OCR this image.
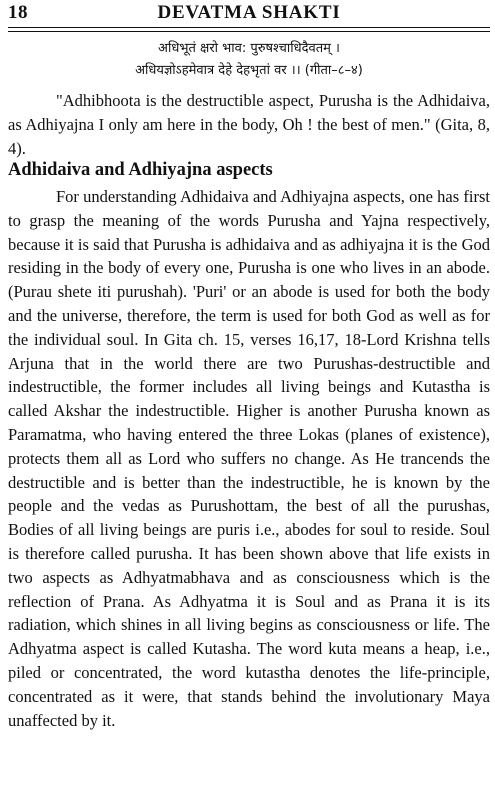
18	DEVATMA SHAKTI
अधिभूतं क्षरो भाव: पुरुषश्चाधिदैवतम् ।
अधियज्ञोऽहमेवात्र देहे देहभृतां वर ।। (गीता–८–४)

"Adhibhoota is the destructible aspect, Purusha is the Adhidaiva, as Adhiyajna I only am here in the body, Oh ! the best of men." (Gita, 8, 4).

Adhidaiva and Adhiyajna aspects

For understanding Adhidaiva and Adhiyajna aspects, one has first to grasp the meaning of the words Purusha and Yajna respectively, because it is said that Purusha is adhidaiva and as adhiyajna it is the God residing in the body of every one, Purusha is one who lives in an abode. (Purau shete iti purushah). 'Puri' or an abode is used for both the body and the universe, therefore, the term is used for both God as well as for the individual soul. In Gita ch. 15, verses 16,17, 18-Lord Krishna tells Arjuna that in the world there are two Purushas-destructible and indestructible, the former includes all living beings and Kutastha is called Akshar the indestructible. Higher is another Purusha known as Paramatma, who having entered the three Lokas (planes of existence), protects them all as Lord who suffers no change. As He trancends the destructible and is better than the indestructible, he is known by the people and the vedas as Purushottam, the best of all the purushas, Bodies of all living beings are puris i.e., abodes for soul to reside. Soul is therefore called purusha. It has been shown above that life exists in two aspects as Adhyatmabhava and as consciousness which is the reflection of Prana. As Adhyatma it is Soul and as Prana it is its radiation, which shines in all living begins as consciousness or life. The Adhyatma aspect is called Kutasha. The word kuta means a heap, i.e., piled or concentrated, the word kutastha denotes the life-principle, concentrated as it were, that stands behind the involutionary Maya unaffected by it.
